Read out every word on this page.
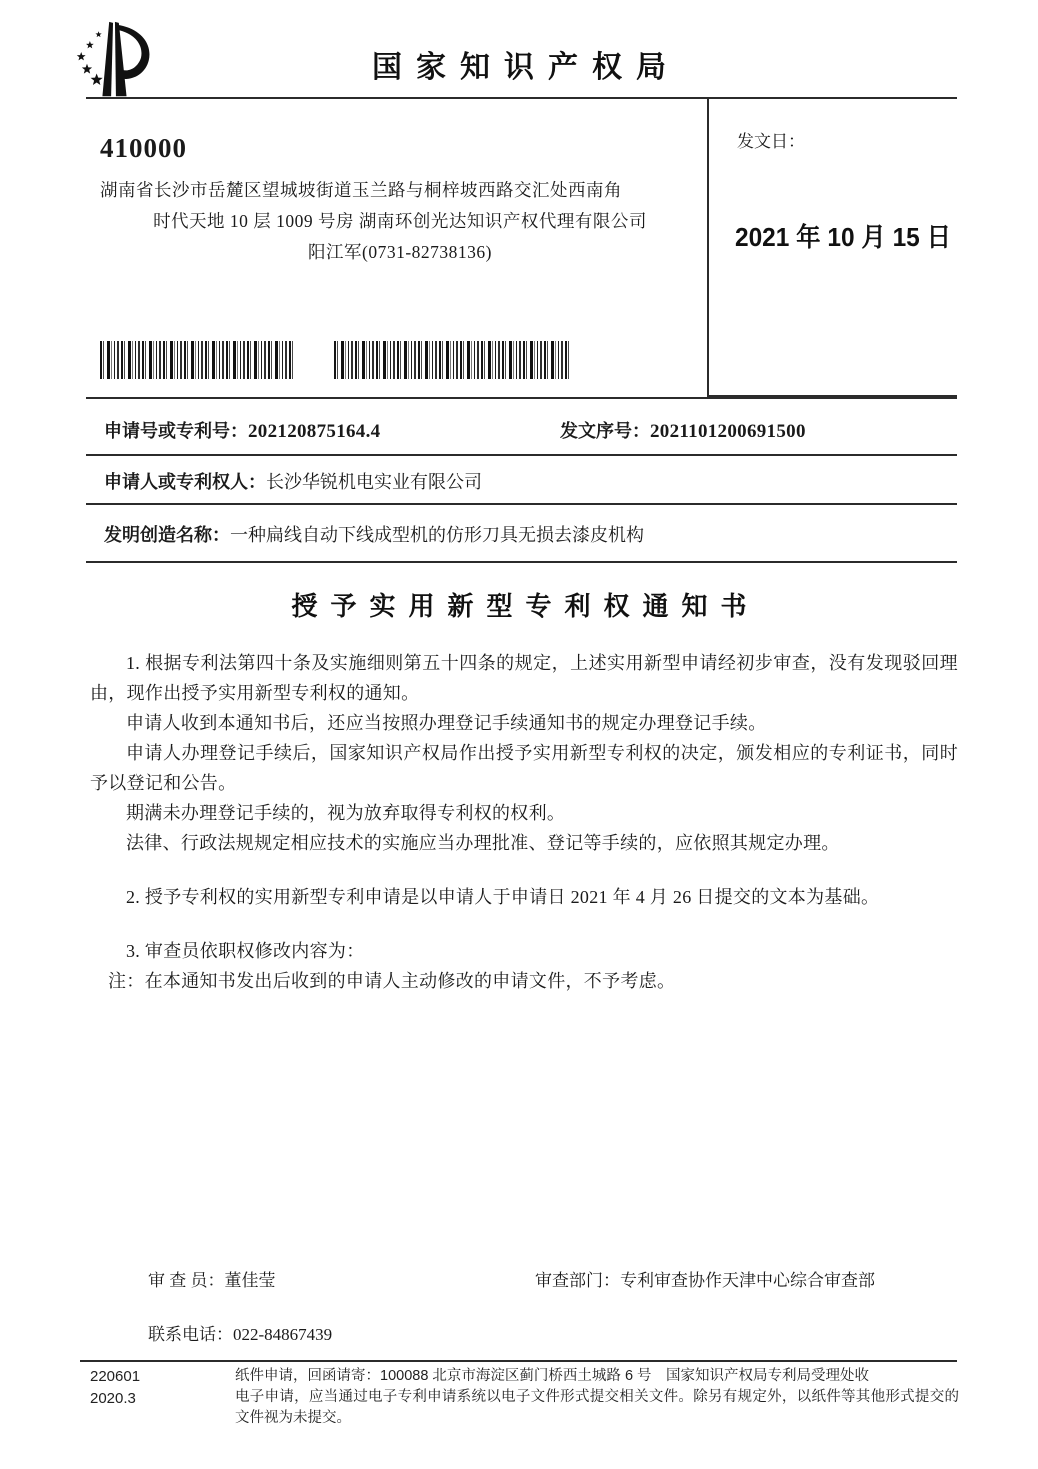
国家知识产权局
发文日：
2021 年 10 月 15 日
410000
湖南省长沙市岳麓区望城坡街道玉兰路与桐梓坡西路交汇处西南角
时代天地 10 层 1009 号房 湖南环创光达知识产权代理有限公司
阳江军(0731-82738136)
申请号或专利号：202120875164.4	发文序号：2021101200691500
申请人或专利权人：长沙华锐机电实业有限公司
发明创造名称：一种扁线自动下线成型机的仿形刀具无损去漆皮机构
授予实用新型专利权通知书

1. 根据专利法第四十条及实施细则第五十四条的规定，上述实用新型申请经初步审查，没有发现驳回理由，现作出授予实用新型专利权的通知。

申请人收到本通知书后，还应当按照办理登记手续通知书的规定办理登记手续。

申请人办理登记手续后，国家知识产权局作出授予实用新型专利权的决定，颁发相应的专利证书，同时予以登记和公告。

期满未办理登记手续的，视为放弃取得专利权的权利。

法律、行政法规规定相应技术的实施应当办理批准、登记等手续的，应依照其规定办理。

2. 授予专利权的实用新型专利申请是以申请人于申请日 2021 年 4 月 26 日提交的文本为基础。

3. 审查员依职权修改内容为：

注：在本通知书发出后收到的申请人主动修改的申请文件，不予考虑。

审 查 员：董佳莹	审查部门：专利审查协作天津中心综合审查部
联系电话：022-84867439
220601
2020.3
纸件申请，回函请寄：100088 北京市海淀区蓟门桥西土城路 6 号　国家知识产权局专利局受理处收
电子申请，应当通过电子专利申请系统以电子文件形式提交相关文件。除另有规定外，以纸件等其他形式提交的文件视为未提交。
